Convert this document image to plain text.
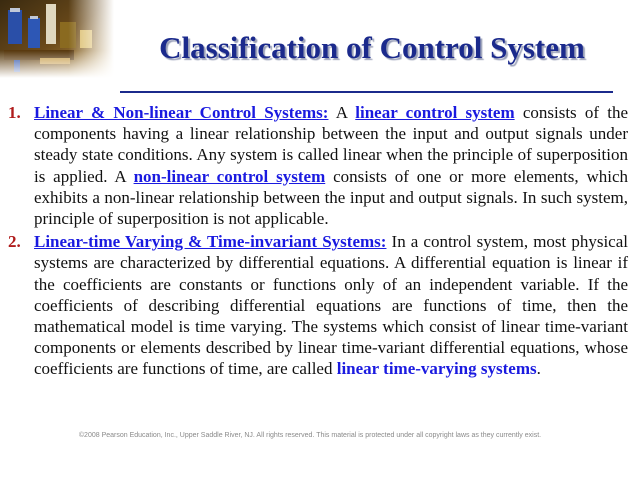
Classification of Control System
1. Linear & Non-linear Control Systems: A linear control system consists of the components having a linear relationship between the input and output signals under steady state conditions. Any system is called linear when the principle of superposition is applied. A non-linear control system consists of one or more elements, which exhibits a non-linear relationship between the input and output signals. In such system, principle of superposition is not applicable.
2. Linear-time Varying & Time-invariant Systems: In a control system, most physical systems are characterized by differential equations. A differential equation is linear if the coefficients are constants or functions only of an independent variable. If the coefficients of describing differential equations are functions of time, then the mathematical model is time varying. The systems which consist of linear time-variant components or elements described by linear time-variant differential equations, whose coefficients are functions of time, are called linear time-varying systems.
©2008 Pearson Education, Inc., Upper Saddle River, NJ. All rights reserved. This material is protected under all copyright laws as they currently exist.
